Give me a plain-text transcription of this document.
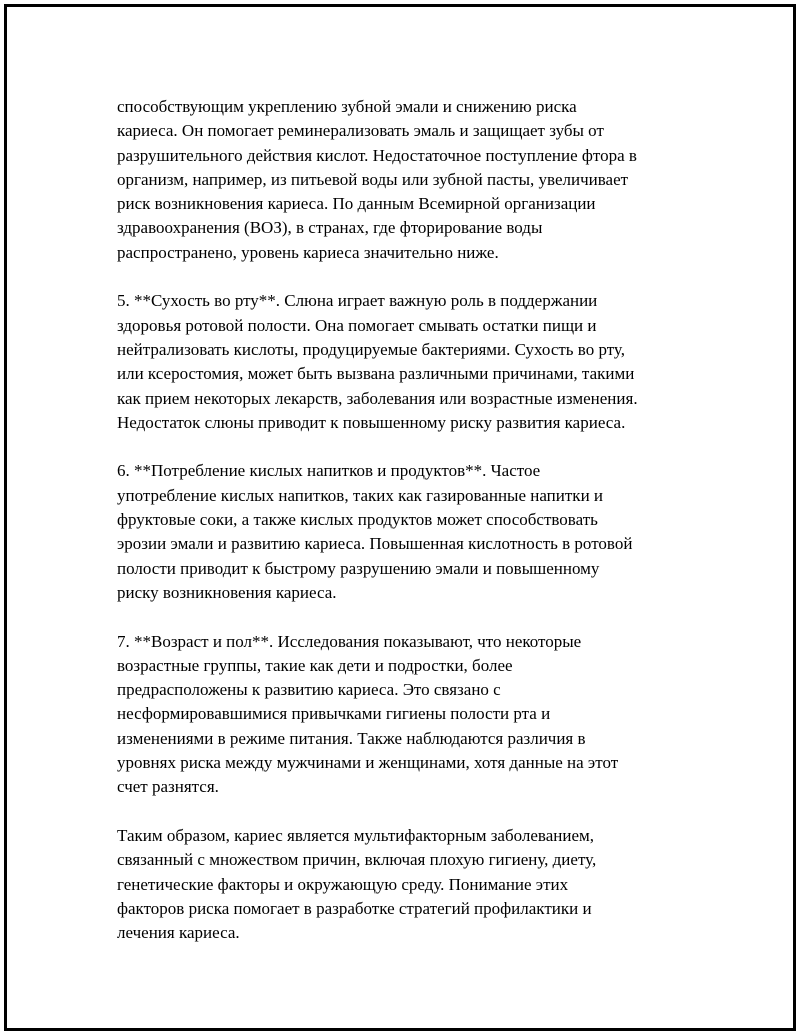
способствующим укреплению зубной эмали и снижению риска
кариеса. Он помогает реминерализовать эмаль и защищает зубы от
разрушительного действия кислот. Недостаточное поступление фтора в
организм, например, из питьевой воды или зубной пасты, увеличивает
риск возникновения кариеса. По данным Всемирной организации
здравоохранения (ВОЗ), в странах, где фторирование воды
распространено, уровень кариеса значительно ниже.

5. **Сухость во рту**. Слюна играет важную роль в поддержании
здоровья ротовой полости. Она помогает смывать остатки пищи и
нейтрализовать кислоты, продуцируемые бактериями. Сухость во рту,
или ксеростомия, может быть вызвана различными причинами, такими
как прием некоторых лекарств, заболевания или возрастные изменения.
Недостаток слюны приводит к повышенному риску развития кариеса.

6. **Потребление кислых напитков и продуктов**. Частое
употребление кислых напитков, таких как газированные напитки и
фруктовые соки, а также кислых продуктов может способствовать
эрозии эмали и развитию кариеса. Повышенная кислотность в ротовой
полости приводит к быстрому разрушению эмали и повышенному
риску возникновения кариеса.

7. **Возраст и пол**. Исследования показывают, что некоторые
возрастные группы, такие как дети и подростки, более
предрасположены к развитию кариеса. Это связано с
несформировавшимися привычками гигиены полости рта и
изменениями в режиме питания. Также наблюдаются различия в
уровнях риска между мужчинами и женщинами, хотя данные на этот
счет разнятся.

Таким образом, кариес является мультифакторным заболеванием,
связанный с множеством причин, включая плохую гигиену, диету,
генетические факторы и окружающую среду. Понимание этих
факторов риска помогает в разработке стратегий профилактики и
лечения кариеса.
